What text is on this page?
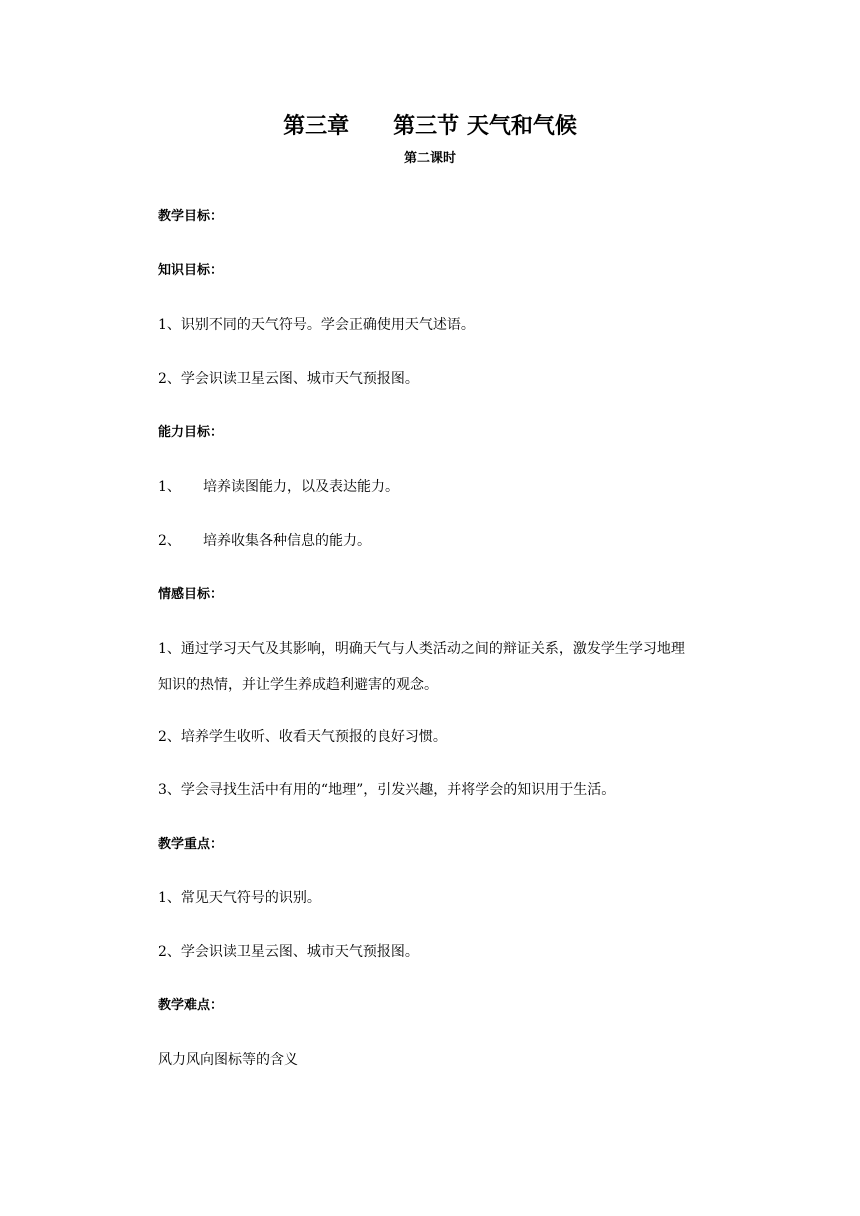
第三章　　第三节 天气和气候
第二课时
教学目标：
知识目标：
1、识别不同的天气符号。学会正确使用天气述语。
2、学会识读卫星云图、城市天气预报图。
能力目标：
1、 培养读图能力，以及表达能力。
2、 培养收集各种信息的能力。
情感目标：
1、通过学习天气及其影响，明确天气与人类活动之间的辩证关系，激发学生学习地理
知识的热情，并让学生养成趋利避害的观念。
2、培养学生收听、收看天气预报的良好习惯。
3、学会寻找生活中有用的“地理”，引发兴趣，并将学会的知识用于生活。
教学重点：
1、常见天气符号的识别。
2、学会识读卫星云图、城市天气预报图。
教学难点：
风力风向图标等的含义
